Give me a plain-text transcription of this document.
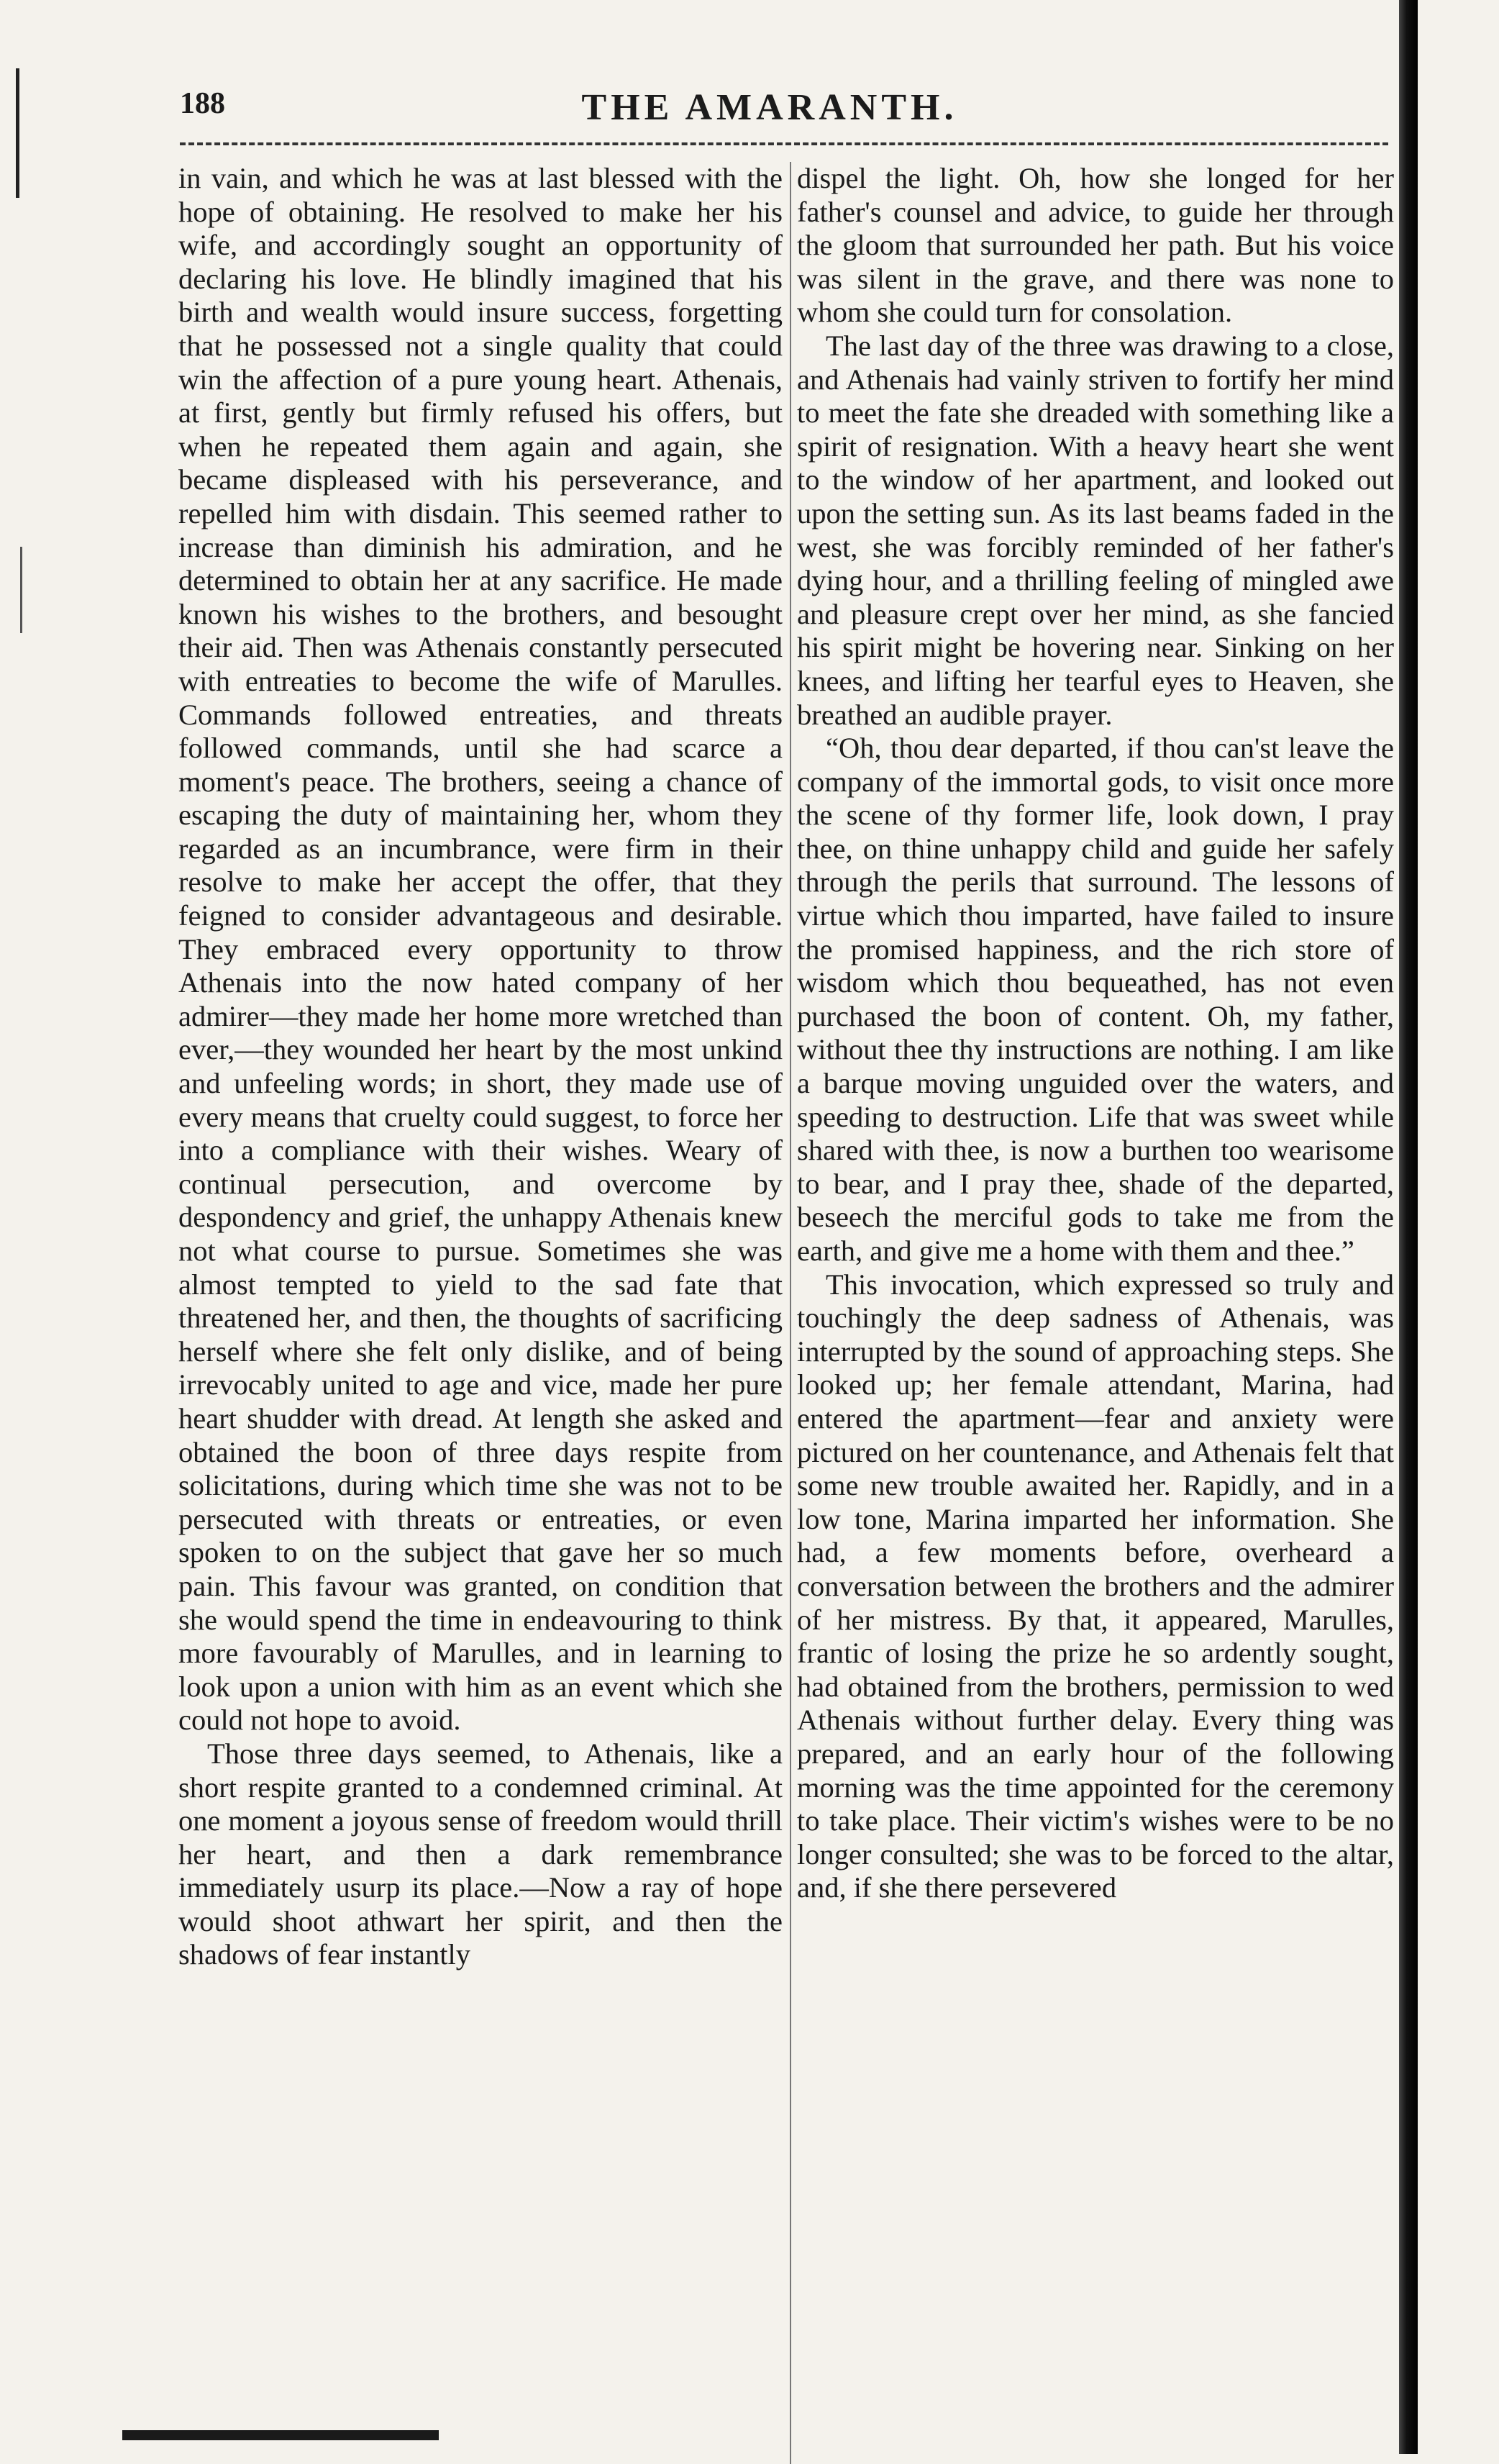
188	THE AMARANTH.

in vain, and which he was at last blessed with the hope of obtaining. He resolved to make her his wife, and accordingly sought an opportunity of declaring his love. He blindly imagined that his birth and wealth would insure success, forgetting that he possessed not a single quality that could win the affection of a pure young heart. Athenais, at first, gently but firmly refused his offers, but when he repeated them again and again, she became displeased with his perseverance, and repelled him with disdain. This seemed rather to increase than diminish his admiration, and he determined to obtain her at any sacrifice. He made known his wishes to the brothers, and besought their aid. Then was Athenais constantly persecuted with entreaties to become the wife of Marulles. Commands followed entreaties, and threats followed commands, until she had scarce a moment's peace. The brothers, seeing a chance of escaping the duty of maintaining her, whom they regarded as an incumbrance, were firm in their resolve to make her accept the offer, that they feigned to consider advantageous and desirable. They embraced every opportunity to throw Athenais into the now hated company of her admirer—they made her home more wretched than ever,—they wounded her heart by the most unkind and unfeeling words; in short, they made use of every means that cruelty could suggest, to force her into a compliance with their wishes. Weary of continual persecution, and overcome by despondency and grief, the unhappy Athenais knew not what course to pursue. Sometimes she was almost tempted to yield to the sad fate that threatened her, and then, the thoughts of sacrificing herself where she felt only dislike, and of being irrevocably united to age and vice, made her pure heart shudder with dread. At length she asked and obtained the boon of three days respite from solicitations, during which time she was not to be persecuted with threats or entreaties, or even spoken to on the subject that gave her so much pain. This favour was granted, on condition that she would spend the time in endeavouring to think more favourably of Marulles, and in learning to look upon a union with him as an event which she could not hope to avoid.

Those three days seemed, to Athenais, like a short respite granted to a condemned criminal. At one moment a joyous sense of freedom would thrill her heart, and then a dark remembrance immediately usurp its place.—Now a ray of hope would shoot athwart her spirit, and then the shadows of fear instantly

dispel the light. Oh, how she longed for her father's counsel and advice, to guide her through the gloom that surrounded her path. But his voice was silent in the grave, and there was none to whom she could turn for consolation.

The last day of the three was drawing to a close, and Athenais had vainly striven to fortify her mind to meet the fate she dreaded with something like a spirit of resignation. With a heavy heart she went to the window of her apartment, and looked out upon the setting sun. As its last beams faded in the west, she was forcibly reminded of her father's dying hour, and a thrilling feeling of mingled awe and pleasure crept over her mind, as she fancied his spirit might be hovering near. Sinking on her knees, and lifting her tearful eyes to Heaven, she breathed an audible prayer.

“Oh, thou dear departed, if thou can'st leave the company of the immortal gods, to visit once more the scene of thy former life, look down, I pray thee, on thine unhappy child and guide her safely through the perils that surround. The lessons of virtue which thou imparted, have failed to insure the promised happiness, and the rich store of wisdom which thou bequeathed, has not even purchased the boon of content. Oh, my father, without thee thy instructions are nothing. I am like a barque moving unguided over the waters, and speeding to destruction. Life that was sweet while shared with thee, is now a burthen too wearisome to bear, and I pray thee, shade of the departed, beseech the merciful gods to take me from the earth, and give me a home with them and thee.”

This invocation, which expressed so truly and touchingly the deep sadness of Athenais, was interrupted by the sound of approaching steps. She looked up; her female attendant, Marina, had entered the apartment—fear and anxiety were pictured on her countenance, and Athenais felt that some new trouble awaited her. Rapidly, and in a low tone, Marina imparted her information. She had, a few moments before, overheard a conversation between the brothers and the admirer of her mistress. By that, it appeared, Marulles, frantic of losing the prize he so ardently sought, had obtained from the brothers, permission to wed Athenais without further delay. Every thing was prepared, and an early hour of the following morning was the time appointed for the ceremony to take place. Their victim's wishes were to be no longer consulted; she was to be forced to the altar, and, if she there persevered
